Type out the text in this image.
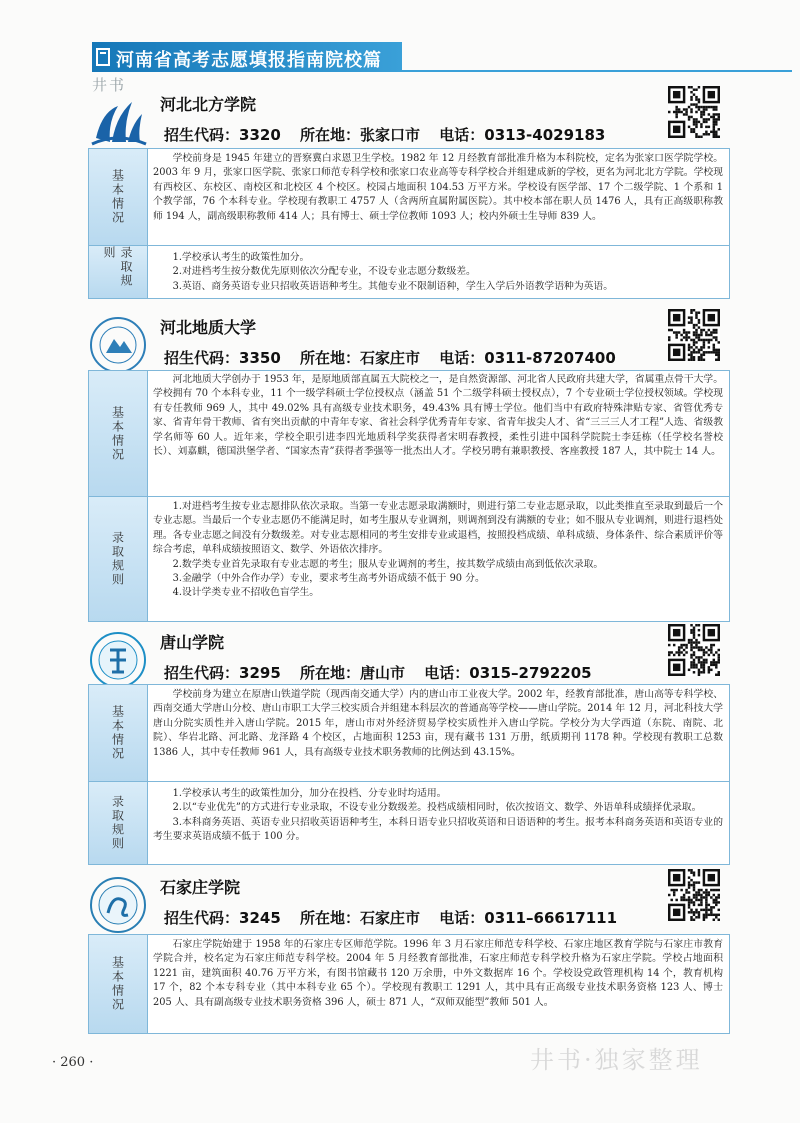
河南省高考志愿填报指南院校篇
井书
河北北方学院
招生代码：3320 所在地：张家口市 电话：0313-4029183
基本情况

学校前身是 1945 年建立的晋察冀白求恩卫生学校。1982 年 12 月经教育部批准升格为本科院校，定名为张家口医学院学校。2003 年 9 月，张家口医学院、张家口师范专科学校和张家口农业高等专科学校合并组建成新的学校，更名为河北北方学院。学校现有西校区、东校区、南校区和北校区 4 个校区。校园占地面积 104.53 万平方米。学校设有医学部、17 个二级学院、1 个系和 1 个教学部，76 个本科专业。学校现有教职工 4757 人（含两所直属附属医院）。其中校本部在职人员 1476 人，具有正高级职称教师 194 人，副高级职称教师 414 人；具有博士、硕士学位教师 1093 人；校内外硕士生导师 839 人。

录取规则	1.学校承认考生的政策性加分。

2.对进档考生按分数优先原则依次分配专业，不设专业志愿分数级差。

3.英语、商务英语专业只招收英语语种考生。其他专业不限制语种，学生入学后外语教学语种为英语。

河北地质大学
招生代码：3350 所在地：石家庄市 电话：0311-87207400
基本情况

河北地质大学创办于 1953 年，是原地质部直属五大院校之一，是自然资源部、河北省人民政府共建大学，省属重点骨干大学。学校拥有 70 个本科专业，11 个一级学科硕士学位授权点（涵盖 51 个二级学科硕士授权点），7 个专业硕士学位授权领域。学校现有专任教师 969 人，其中 49.02% 具有高级专业技术职务，49.43% 具有博士学位。他们当中有政府特殊津贴专家、省管优秀专家、省青年骨干教师、省有突出贡献的中青年专家、省社会科学优秀青年专家、省青年拔尖人才、省“三三三人才工程”人选、省级教学名师等 60 人。近年来，学校全职引进李四光地质科学奖获得者宋明春教授，柔性引进中国科学院院士李廷栋（任学校名誉校长）、刘嘉麒，德国洪堡学者、“国家杰青”获得者季强等一批杰出人才。学校另聘有兼职教授、客座教授 187 人，其中院士 14 人。

录取规则

1.对进档考生按专业志愿排队依次录取。当第一专业志愿录取满额时，则进行第二专业志愿录取，以此类推直至录取到最后一个专业志愿。当最后一个专业志愿仍不能满足时，如考生服从专业调剂，则调剂到没有满额的专业；如不服从专业调剂，则进行退档处理。各专业志愿之间没有分数级差。对专业志愿相同的考生安排专业或退档，按照投档成绩、单科成绩、身体条件、综合素质评价等综合考虑，单科成绩按照语文、数学、外语依次排序。

2.数学类专业首先录取有专业志愿的考生；服从专业调剂的考生，按其数学成绩由高到低依次录取。

3.金融学（中外合作办学）专业，要求考生高考外语成绩不低于 90 分。

4.设计学类专业不招收色盲学生。

唐山学院
招生代码：3295 所在地：唐山市 电话：0315–2792205
基本情况

学校前身为建立在原唐山铁道学院（现西南交通大学）内的唐山市工业夜大学。2002 年，经教育部批准，唐山高等专科学校、西南交通大学唐山分校、唐山市职工大学三校实质合并组建本科层次的普通高等学校——唐山学院。2014 年 12 月，河北科技大学唐山分院实质性并入唐山学院。2015 年，唐山市对外经济贸易学校实质性并入唐山学院。学校分为大学西道（东院、南院、北院）、华岩北路、河北路、龙泽路 4 个校区，占地面积 1253 亩，现有藏书 131 万册，纸质期刊 1178 种。学校现有教职工总数 1386 人，其中专任教师 961 人，具有高级专业技术职务教师的比例达到 43.15%。

录取规则

1.学校承认考生的政策性加分，加分在投档、分专业时均适用。

2.以“专业优先”的方式进行专业录取，不设专业分数级差。投档成绩相同时，依次按语文、数学、外语单科成绩择优录取。

3.本科商务英语、英语专业只招收英语语种考生，本科日语专业只招收英语和日语语种的考生。报考本科商务英语和英语专业的考生要求英语成绩不低于 100 分。

石家庄学院
招生代码：3245 所在地：石家庄市 电话：0311–66617111
基本情况

石家庄学院始建于 1958 年的石家庄专区师范学院。1996 年 3 月石家庄师范专科学校、石家庄地区教育学院与石家庄市教育学院合并，校名定为石家庄师范专科学校。2004 年 5 月经教育部批准，石家庄师范专科学校升格为石家庄学院。学校占地面积 1221 亩，建筑面积 40.76 万平方米，有图书馆藏书 120 万余册，中外文数据库 16 个。学校设党政管理机构 14 个，教育机构 17 个，82 个本专科专业（其中本科专业 65 个）。学校现有教职工 1291 人，其中具有正高级专业技术职务资格 123 人、博士 205 人、具有副高级专业技术职务资格 396 人，硕士 871 人，“双师双能型”教师 501 人。

· 260 ·	井书·独家整理
